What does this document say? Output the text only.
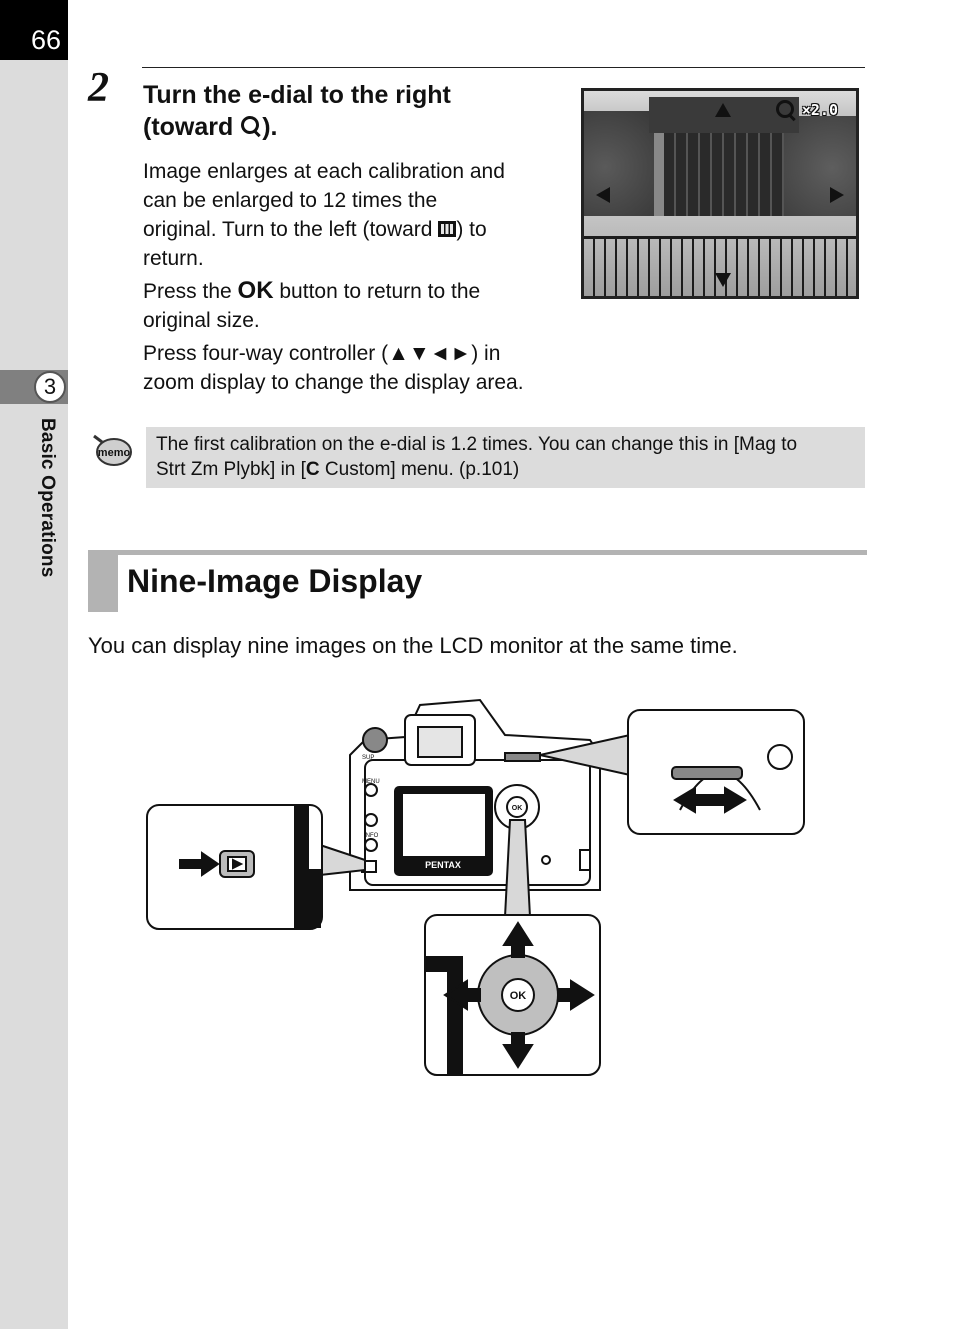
66
3
Basic Operations
2 Turn the e-dial to the right
(toward ).
Image enlarges at each calibration and
can be enlarged to 12 times the
original. Turn to the left (toward ) to
return.
Press the OK button to return to the
original size.
Press four-way controller (▲▼◄►) in
zoom display to change the display area.
×2.0
memo The first calibration on the e-dial is 1.2 times. You can change this in [Mag to
Strt Zm Plybk] in [C Custom] menu. (p.101)
Nine-Image Display
You can display nine images on the LCD monitor at the same time.
PENTAX
MENU
INFO
OK
SUP
OK
